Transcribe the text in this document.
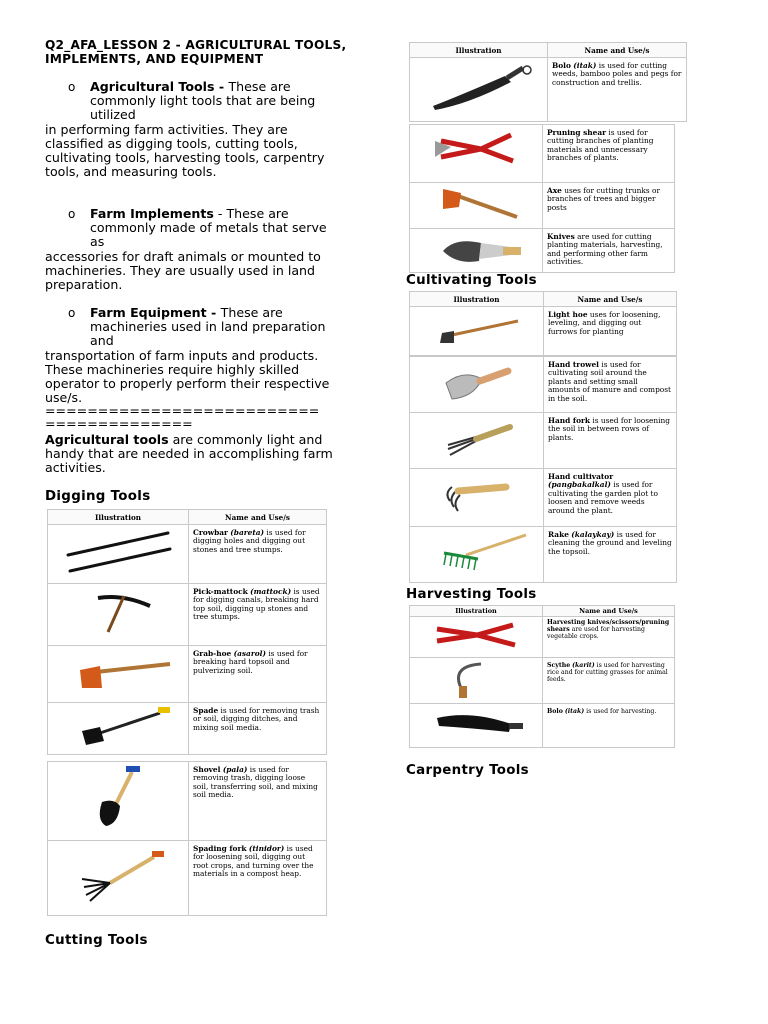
Q2_AFA_LESSON 2 - AGRICULTURAL TOOLS, IMPLEMENTS, AND EQUIPMENT
o Agricultural Tools - These are
commonly light tools that are being
utilized
in performing farm activities. They are classified as digging tools, cutting tools, cultivating tools, harvesting tools, carpentry tools, and measuring tools.
o Farm Implements - These are
commonly made of metals that serve
as
accessories for draft animals or mounted to machineries. They are usually used in land preparation.
o Farm Equipment - These are
machineries used in land preparation
and
transportation of farm inputs and products. These machineries require highly skilled operator to properly perform their respective use/s.
==========================
==============
Agricultural tools are commonly light and handy that are needed in accomplishing farm activities.
Digging Tools
Cutting Tools
Cultivating Tools
Harvesting Tools
Carpentry Tools
Illustration	Name and Use/s

	Crowbar (bareta) is used for digging holes and digging out stones and tree stumps.

	Pick-mattock (mattock) is used for digging canals, breaking hard top soil, digging up stones and tree stumps.

	Grab-hoe (asarol) is used for breaking hard topsoil and pulverizing soil.

	Spade is used for removing trash or soil, digging ditches, and mixing soil media.
	Shovel (pala) is used for removing trash, digging loose soil, transferring soil, and mixing soil media.

	Spading fork (tinidor) is used for loosening soil, digging out root crops, and turning over the materials in a compost heap.
Illustration	Name and Use/s

	Bolo (itak) is used for cutting weeds, bamboo poles and pegs for construction and trellis.
	Pruning shear is used for cutting branches of planting materials and unnecessary branches of plants.

	Axe uses for cutting trunks or branches of trees and bigger posts

	Knives are used for cutting planting materials, harvesting, and performing other farm activities.
Illustration	Name and Use/s

	Light hoe uses for loosening, leveling, and digging out furrows for planting
	Hand trowel is used for cultivating soil around the plants and setting small amounts of manure and compost in the soil.

	Hand fork is used for loosening the soil in between rows of plants.

	Hand cultivator (pangbakalkal) is used for cultivating the garden plot to loosen and remove weeds around the plant.

	Rake (kalaykay) is used for cleaning the ground and leveling the topsoil.
Illustration	Name and Use/s

	Harvesting knives/scissors/pruning shears are used for harvesting vegetable crops.

	Scythe (karit) is used for harvesting rice and for cutting grasses for animal feeds.

	Bolo (itak) is used for harvesting.
